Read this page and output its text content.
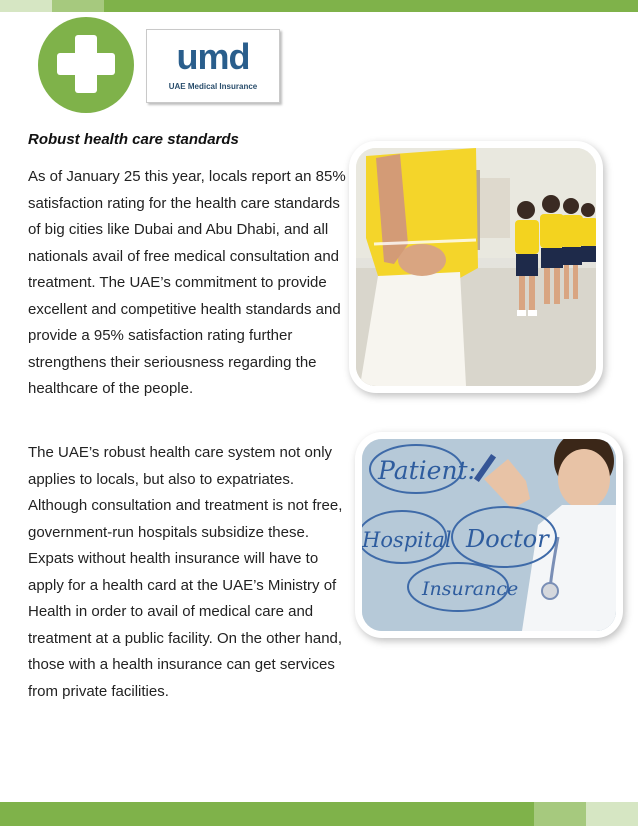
umd
UAE Medical Insurance
Robust health care standards

As of January 25 this year, locals report an 85% satisfaction rating for the health care standards of big cities like Dubai and Abu Dhabi, and all nationals avail of free medical consultation and treatment. The UAE’s commitment to provide excellent and competitive health standards and provide a 95% satisfaction rating further strengthens their seriousness regarding the healthcare of the people.

The UAE’s robust health care system not only applies to locals, but also to expatriates. Although consultation and treatment is not free, government-run hospitals subsidize these. Expats without health insurance will have to apply for a health card at the UAE’s Ministry of Health in order to avail of medical care and treatment at a public facility. On the other hand, those with a health insurance can get services from private facilities.

Patient:
Hospital Doctor
Insurance
